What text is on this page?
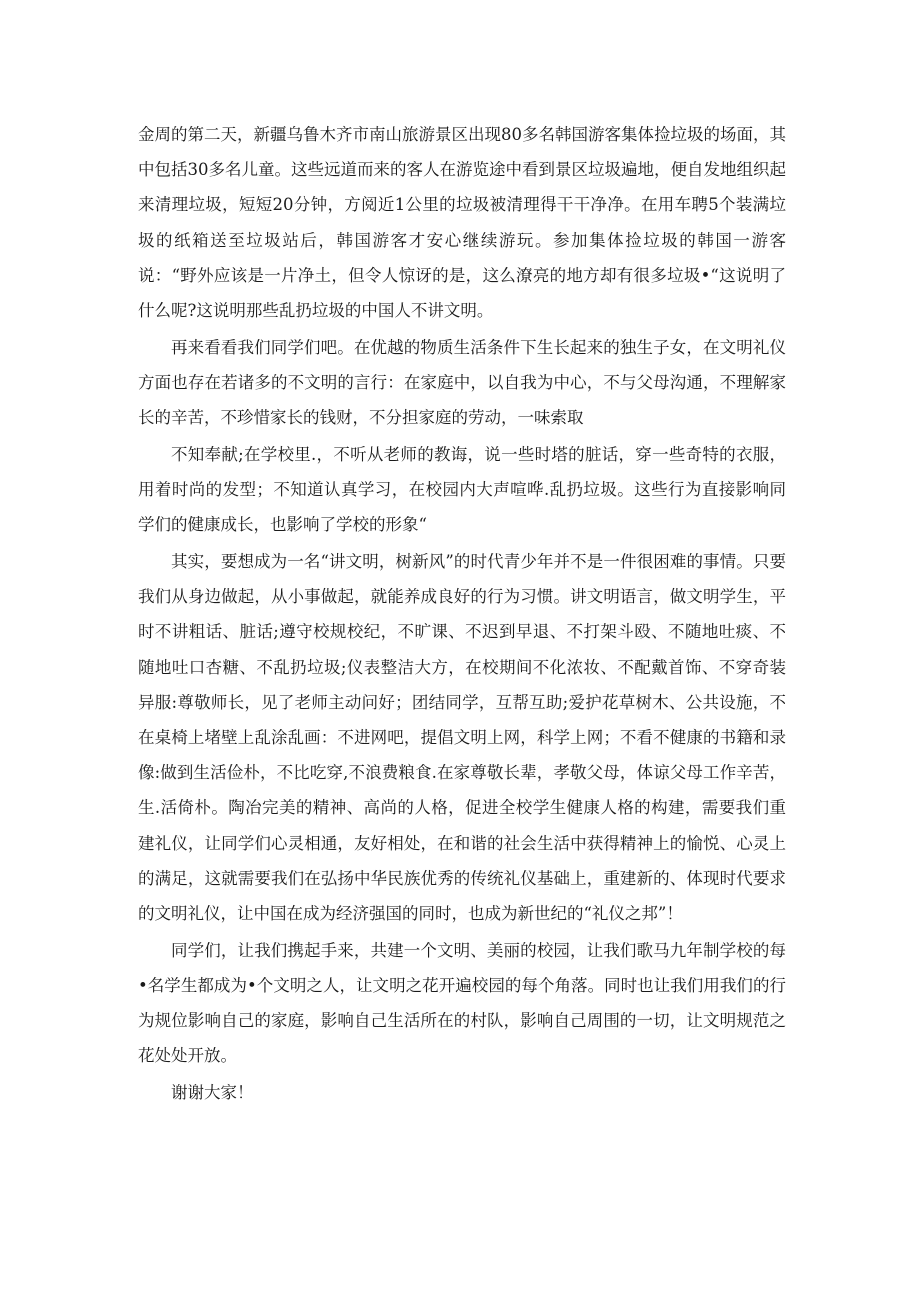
金周的第二天，新疆乌鲁木齐市南山旅游景区出现80多名韩国游客集体捡垃圾的场面，其中包括30多名儿童。这些远道而来的客人在游览途中看到景区垃圾遍地，便自发地组织起来清理垃圾，短短20分钟，方阅近1公里的垃圾被清理得干干净净。在用车聘5个装满垃圾的纸箱送至垃圾站后，韩国游客才安心继续游玩。参加集体捡垃圾的韩国一游客说：“野外应该是一片净土，但令人惊讶的是，这么潦亮的地方却有很多垃圾•“这说明了什么呢?这说明那些乱扔垃圾的中国人不讲文明。

再来看看我们同学们吧。在优越的物质生活条件下生长起来的独生子女，在文明礼仪方面也存在若诸多的不文明的言行：在家庭中，以自我为中心，不与父母沟通，不理解家长的辛苦，不珍惜家长的钱财，不分担家庭的劳动，一味索取

不知奉献;在学校里.，不听从老师的教诲，说一些时塔的脏话，穿一些奇特的衣服，用着时尚的发型；不知道认真学习，在校园内大声喧哗.乱扔垃圾。这些行为直接影响同学们的健康成长，也影响了学校的形象“

其实，要想成为一名“讲文明，树新风”的时代青少年并不是一件很困难的事情。只要我们从身边做起，从小事做起，就能养成良好的行为习惯。讲文明语言，做文明学生，平时不讲粗话、脏话;遵守校规校纪，不旷课、不迟到早退、不打架斗殴、不随地吐痰、不随地吐口杏糖、不乱扔垃圾;仪表整洁大方，在校期间不化浓妆、不配戴首饰、不穿奇装异服:尊敬师长，见了老师主动问好；团结同学，互帮互助;爱护花草树木、公共设施，不在桌椅上堵壁上乱涂乱画：不进网吧，提倡文明上网，科学上网；不看不健康的书籍和录像:做到生活俭朴，不比吃穿,不浪费粮食.在家尊敬长辈，孝敬父母，体谅父母工作辛苦，生.活倚朴。陶冶完美的精神、高尚的人格，促进全校学生健康人格的构建，需要我们重建礼仪，让同学们心灵相通，友好相处，在和谐的社会生活中获得精神上的愉悦、心灵上的满足，这就需要我们在弘扬中华民族优秀的传统礼仪基础上，重建新的、体现时代要求的文明礼仪，让中国在成为经济强国的同时，也成为新世纪的“礼仪之邦”！

同学们，让我们携起手来，共建一个文明、美丽的校园，让我们歌马九年制学校的每•名学生都成为•个文明之人，让文明之花开遍校园的每个角落。同时也让我们用我们的行为规位影响自己的家庭，影响自己生活所在的村队，影响自己周围的一切，让文明规范之花处处开放。

谢谢大家！
